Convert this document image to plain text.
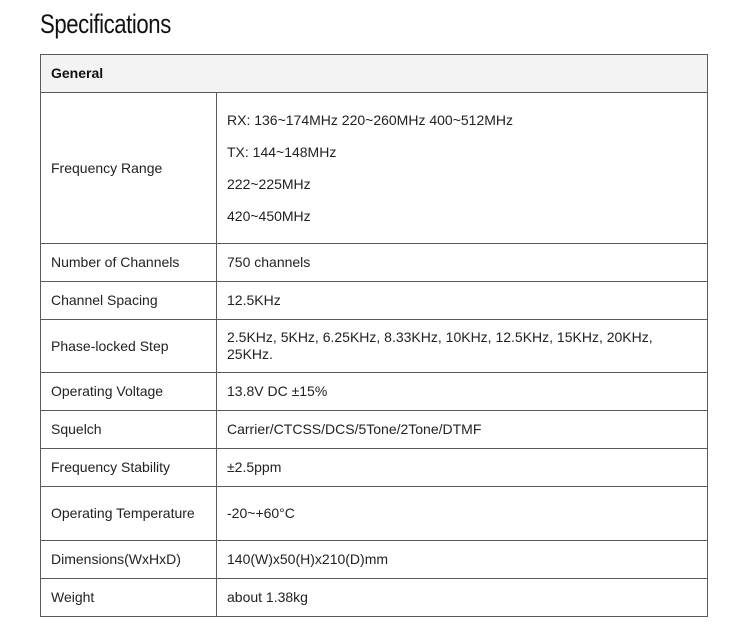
Specifications
General	
Frequency Range	RX: 136~174MHz 220~260MHz 400~512MHz
TX: 144~148MHz
222~225MHz
420~450MHz

Number of Channels	750 channels
Channel Spacing	12.5KHz
Phase-locked Step	2.5KHz, 5KHz, 6.25KHz, 8.33KHz, 10KHz, 12.5KHz, 15KHz, 20KHz, 25KHz.
Operating Voltage	13.8V DC ±15%
Squelch	Carrier/CTCSS/DCS/5Tone/2Tone/DTMF
Frequency Stability	±2.5ppm
Operating Temperature	-20~+60°C
Dimensions(WxHxD)	140(W)x50(H)x210(D)mm
Weight	about 1.38kg
